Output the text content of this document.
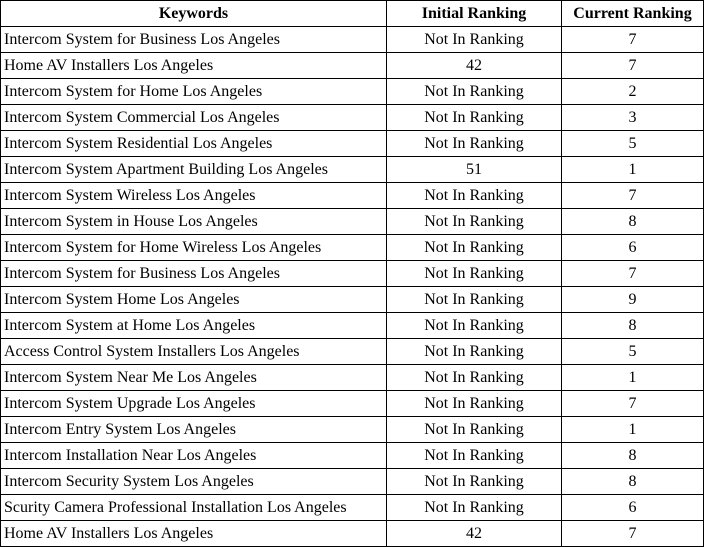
Keywords	Initial Ranking	Current Ranking
Intercom System for Business Los Angeles	Not In Ranking	7
Home AV Installers Los Angeles	42	7
Intercom System for Home Los Angeles	Not In Ranking	2
Intercom System Commercial Los Angeles	Not In Ranking	3
Intercom System Residential Los Angeles	Not In Ranking	5
Intercom System Apartment Building Los Angeles	51	1
Intercom System Wireless Los Angeles	Not In Ranking	7
Intercom System in House Los Angeles	Not In Ranking	8
Intercom System for Home Wireless Los Angeles	Not In Ranking	6
Intercom System for Business Los Angeles	Not In Ranking	7
Intercom System Home Los Angeles	Not In Ranking	9
Intercom System at Home Los Angeles	Not In Ranking	8
Access Control System Installers Los Angeles	Not In Ranking	5
Intercom System Near Me Los Angeles	Not In Ranking	1
Intercom System Upgrade Los Angeles	Not In Ranking	7
Intercom Entry System Los Angeles	Not In Ranking	1
Intercom Installation Near Los Angeles	Not In Ranking	8
Intercom Security System Los Angeles	Not In Ranking	8
Scurity Camera Professional Installation Los Angeles	Not In Ranking	6
Home AV Installers Los Angeles	42	7
